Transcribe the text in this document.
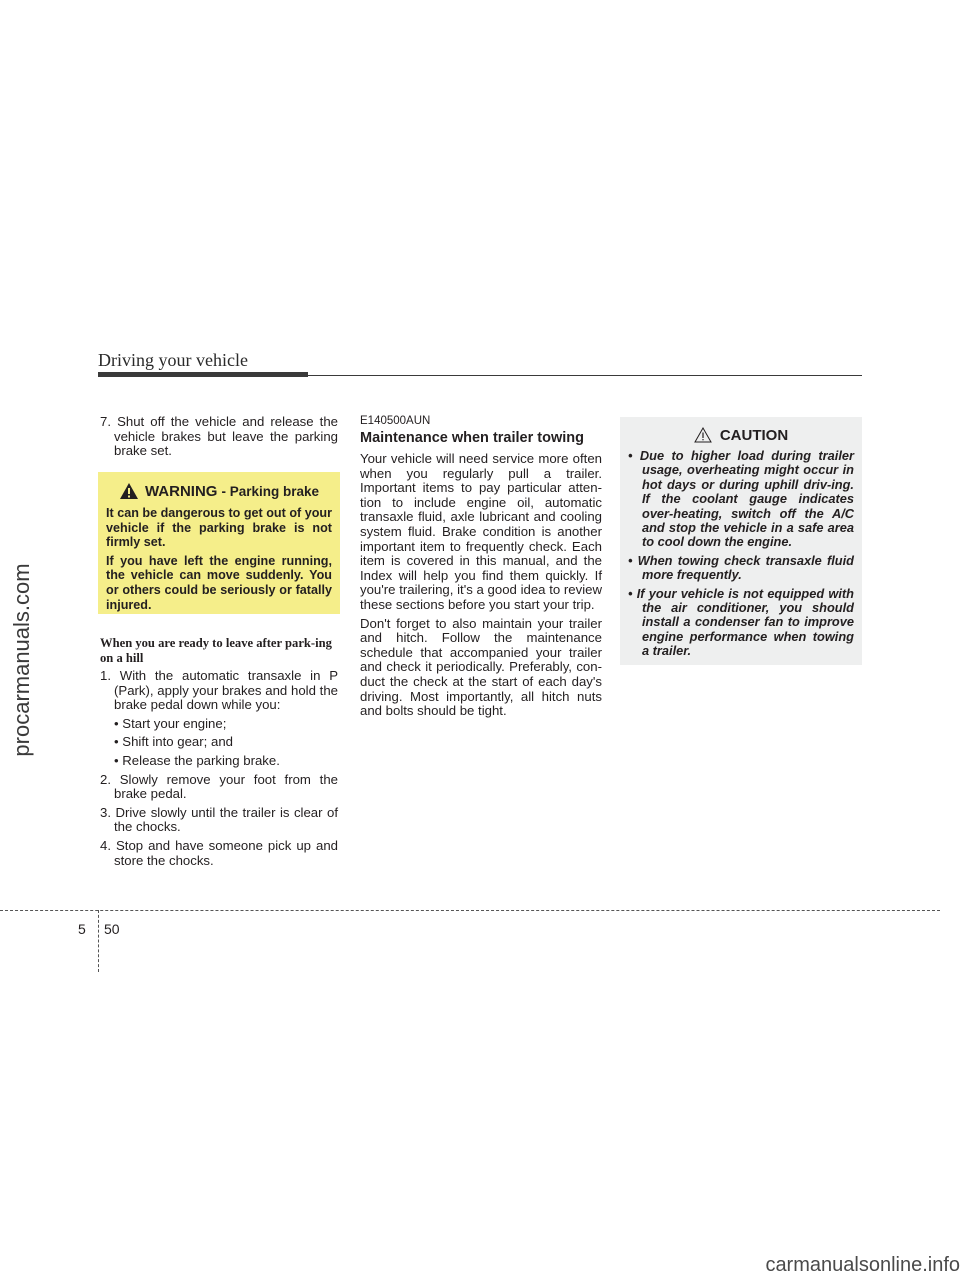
procarmanuals.com
Driving your vehicle

7. Shut off the vehicle and release the vehicle brakes but leave the parking brake set.

WARNING - Parking brake

It can be dangerous to get out of your vehicle if the parking brake is not firmly set.

If you have left the engine running, the vehicle can move suddenly. You or others could be seriously or fatally injured.

When you are ready to leave after park-ing on a hill

1. With the automatic transaxle in P (Park), apply your brakes and hold the brake pedal down while you:

• Start your engine;

• Shift into gear; and

• Release the parking brake.

2. Slowly remove your foot from the brake pedal.

3. Drive slowly until the trailer is clear of the chocks.

4. Stop and have someone pick up and store the chocks.

E140500AUN
Maintenance when trailer towing

Your vehicle will need service more often when you regularly pull a trailer. Important items to pay particular atten-tion to include engine oil, automatic transaxle fluid, axle lubricant and cooling system fluid. Brake condition is another important item to frequently check. Each item is covered in this manual, and the Index will help you find them quickly. If you're trailering, it's a good idea to review these sections before you start your trip.

Don't forget to also maintain your trailer and hitch. Follow the maintenance schedule that accompanied your trailer and check it periodically. Preferably, con-duct the check at the start of each day's driving. Most importantly, all hitch nuts and bolts should be tight.

CAUTION

• Due to higher load during trailer usage, overheating might occur in hot days or during uphill driv-ing. If the coolant gauge indicates over-heating, switch off the A/C and stop the vehicle in a safe area to cool down the engine.

• When towing check transaxle fluid more frequently.

• If your vehicle is not equipped with the air conditioner, you should install a condenser fan to improve engine performance when towing a trailer.

5 50
carmanualsonline.info
